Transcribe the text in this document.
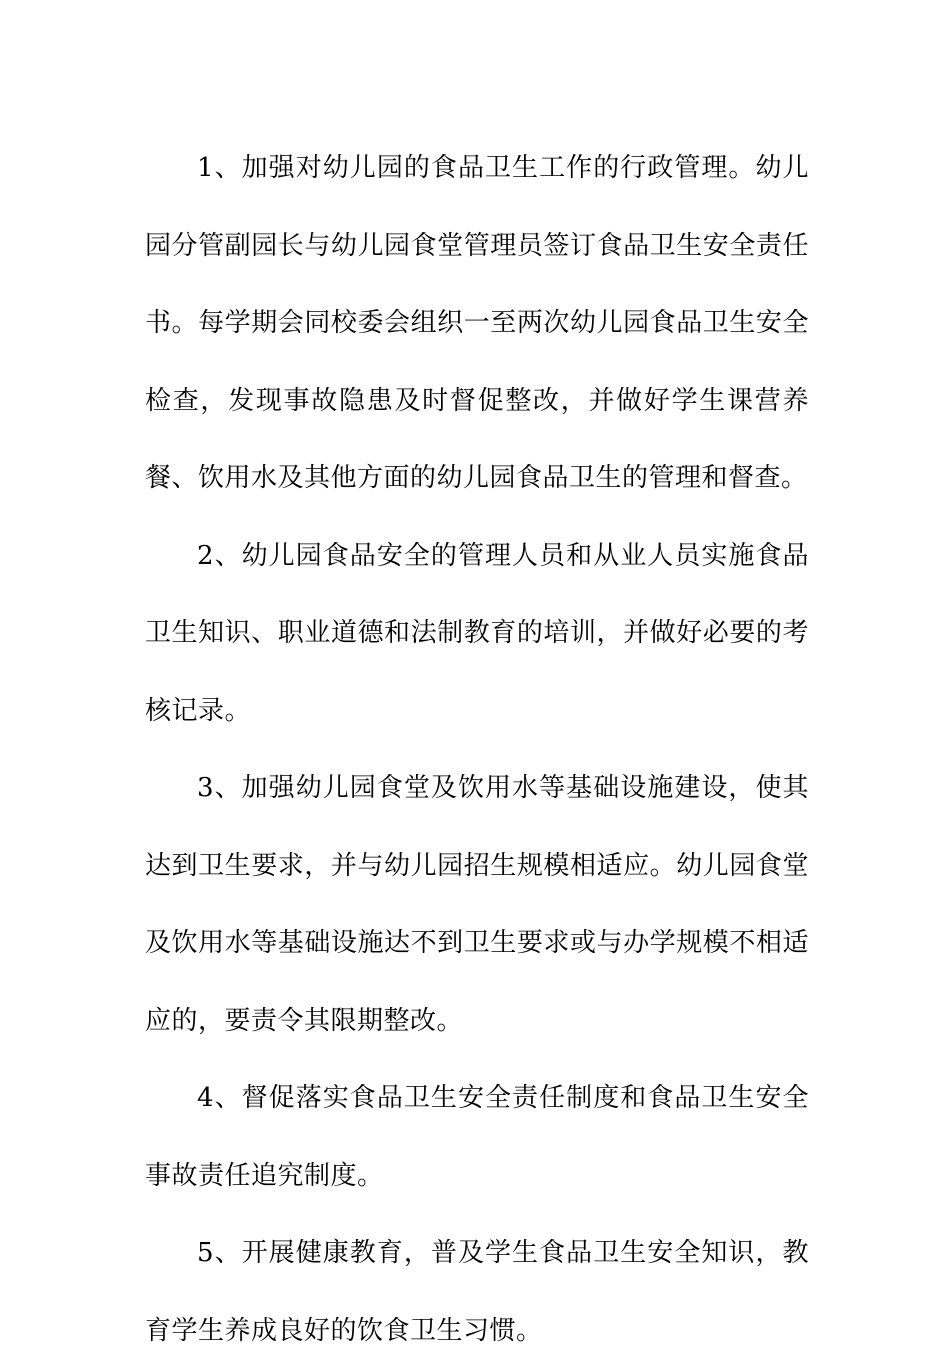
1、加强对幼儿园的食品卫生工作的行政管理。幼儿园分管副园长与幼儿园食堂管理员签订食品卫生安全责任书。每学期会同校委会组织一至两次幼儿园食品卫生安全检查，发现事故隐患及时督促整改，并做好学生课营养餐、饮用水及其他方面的幼儿园食品卫生的管理和督查。

2、幼儿园食品安全的管理人员和从业人员实施食品卫生知识、职业道德和法制教育的培训，并做好必要的考核记录。

3、加强幼儿园食堂及饮用水等基础设施建设，使其达到卫生要求，并与幼儿园招生规模相适应。幼儿园食堂及饮用水等基础设施达不到卫生要求或与办学规模不相适应的，要责令其限期整改。

4、督促落实食品卫生安全责任制度和食品卫生安全事故责任追究制度。

5、开展健康教育，普及学生食品卫生安全知识，教育学生养成良好的饮食卫生习惯。
